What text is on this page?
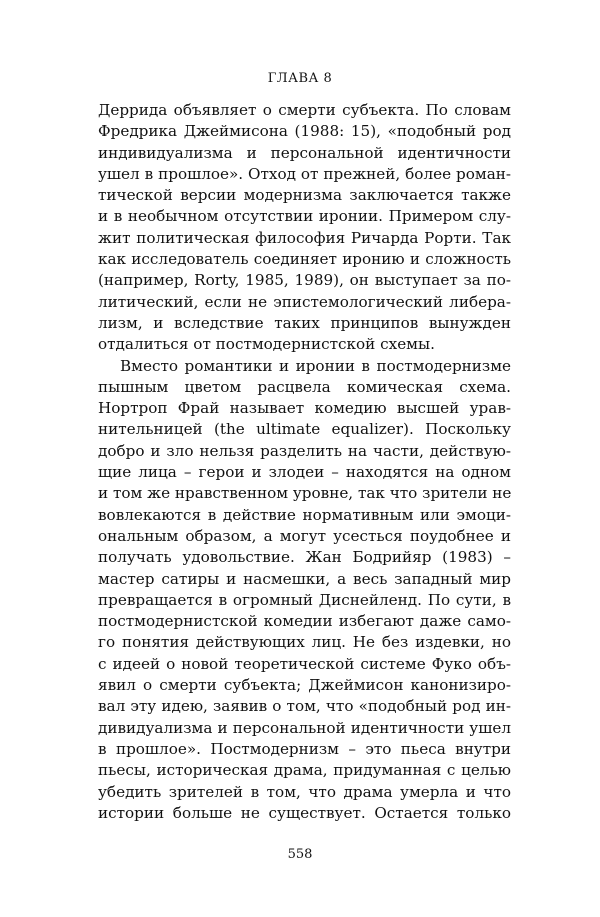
ГЛАВА 8
Деррида объявляет о смерти субъекта. По словам
Фредрика Джеймисона (1988: 15), «подобный род
индивидуализма и персональной идентичности
ушел в прошлое». Отход от прежней, более роман-
тической версии модернизма заключается также
и в необычном отсутствии иронии. Примером слу-
жит политическая философия Ричарда Рорти. Так
как исследователь соединяет иронию и сложность
(например, Rorty, 1985, 1989), он выступает за по-
литический, если не эпистемологический либера-
лизм, и вследствие таких принципов вынужден
отдалиться от постмодернистской схемы.
Вместо романтики и иронии в постмодернизме
пышным цветом расцвела комическая схема.
Нортроп Фрай называет комедию высшей урав-
нительницей (the ultimate equalizer). Поскольку
добро и зло нельзя разделить на части, действую-
щие лица – герои и злодеи – находятся на одном
и том же нравственном уровне, так что зрители не
вовлекаются в действие нормативным или эмоци-
ональным образом, а могут усесться поудобнее и
получать удовольствие. Жан Бодрийяр (1983) –
мастер сатиры и насмешки, а весь западный мир
превращается в огромный Диснейленд. По сути, в
постмодернистской комедии избегают даже само-
го понятия действующих лиц. Не без издевки, но
с идеей о новой теоретической системе Фуко объ-
явил о смерти субъекта; Джеймисон канонизиро-
вал эту идею, заявив о том, что «подобный род ин-
дивидуализма и персональной идентичности ушел
в прошлое». Постмодернизм – это пьеса внутри
пьесы, историческая драма, придуманная с целью
убедить зрителей в том, что драма умерла и что
истории больше не существует. Остается только
558
